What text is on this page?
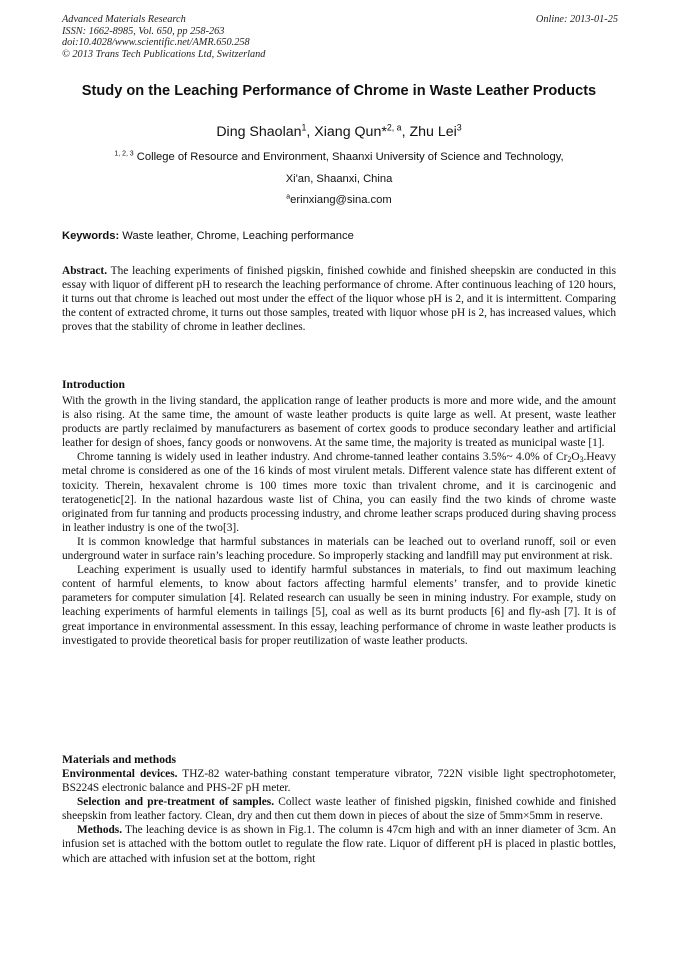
Advanced Materials Research
ISSN: 1662-8985, Vol. 650, pp 258-263
doi:10.4028/www.scientific.net/AMR.650.258
© 2013 Trans Tech Publications Ltd, Switzerland
Online: 2013-01-25
Study on the Leaching Performance of Chrome in Waste Leather Products
Ding Shaolan$^1$, Xiang Qun*$^{2, a}$, Zhu Lei$^3$
$^{1, 2, 3}$ College of Resource and Environment, Shaanxi University of Science and Technology,
Xi'an, Shaanxi, China
$^a$erinxiang@sina.com
Keywords: Waste leather, Chrome, Leaching performance

Abstract. The leaching experiments of finished pigskin, finished cowhide and finished sheepskin are conducted in this essay with liquor of different pH to research the leaching performance of chrome. After continuous leaching of 120 hours, it turns out that chrome is leached out most under the effect of the liquor whose pH is 2, and it is intermittent. Comparing the content of extracted chrome, it turns out those samples, treated with liquor whose pH is 2, has increased values, which proves that the stability of chrome in leather declines.

Introduction

With the growth in the living standard, the application range of leather products is more and more wide, and the amount is also rising. At the same time, the amount of waste leather products is quite large as well. At present, waste leather products are partly reclaimed by manufacturers as basement of cortex goods to produce secondary leather and artificial leather for design of shoes, fancy goods or nonwovens. At the same time, the majority is treated as municipal waste [1].

Chrome tanning is widely used in leather industry. And chrome-tanned leather contains 3.5%~ 4.0% of $Cr_2O_3.Heavy$ metal chrome is considered as one of the 16 kinds of most virulent metals. Different valence state has different extent of toxicity. Therein, hexavalent chrome is 100 times more toxic than trivalent chrome, and it is carcinogenic and teratogenetic[2]. In the national hazardous waste list of China, you can easily find the two kinds of chrome waste originated from fur tanning and products processing industry, and chrome leather scraps produced during shaving process in leather industry is one of the two[3].

It is common knowledge that harmful substances in materials can be leached out to overland runoff, soil or even underground water in surface rain’s leaching procedure. So improperly stacking and landfill may put environment at risk.

Leaching experiment is usually used to identify harmful substances in materials, to find out maximum leaching content of harmful elements, to know about factors affecting harmful elements’ transfer, and to provide kinetic parameters for computer simulation [4]. Related research can usually be seen in mining industry. For example, study on leaching experiments of harmful elements in tailings [5], coal as well as its burnt products [6] and fly-ash [7]. It is of great importance in environmental assessment. In this essay, leaching performance of chrome in waste leather products is investigated to provide theoretical basis for proper reutilization of waste leather products.

Materials and methods

Environmental devices. THZ-82 water-bathing constant temperature vibrator, 722N visible light spectrophotometer, BS224S electronic balance and PHS-2F pH meter.

Selection and pre-treatment of samples. Collect waste leather of finished pigskin, finished cowhide and finished sheepskin from leather factory. Clean, dry and then cut them down in pieces of about the size of 5mm×5mm in reserve.

Methods. The leaching device is as shown in Fig.1. The column is 47cm high and with an inner diameter of 3cm. An infusion set is attached with the bottom outlet to regulate the flow rate. Liquor of different pH is placed in plastic bottles, which are attached with infusion set at the bottom, right
